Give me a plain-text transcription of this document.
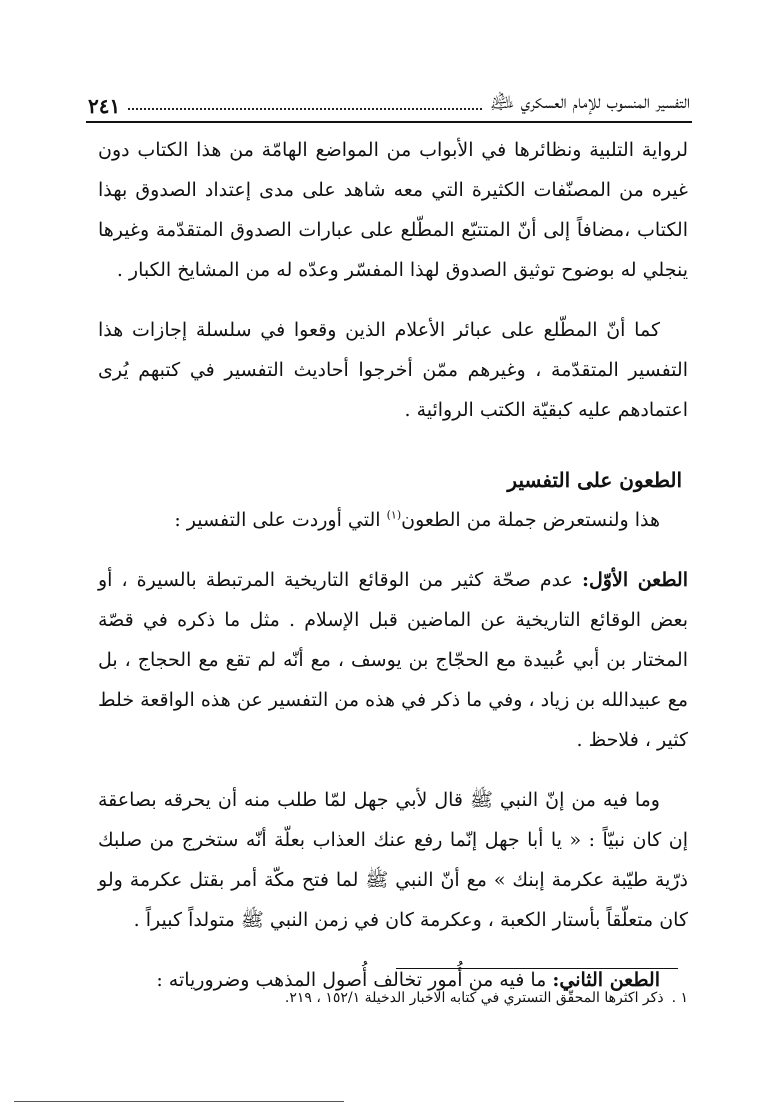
التفسير المنسوب للإمام العسكري ﵇
٢٤١

لرواية التلبية ونظائرها في الأبواب من المواضع الهامّة من هذا الكتاب دون غيره من المصنّفات الكثيرة التي معه شاهد على مدى إعتداد الصدوق بهذا الكتاب ،مضافاً إلى أنّ المتتبّع المطّلع على عبارات الصدوق المتقدّمة وغيرها ينجلي له بوضوح توثيق الصدوق لهذا المفسّر وعدّه له من المشايخ الكبار .

كما أنّ المطّلع على عبائر الأعلام الذين وقعوا في سلسلة إجازات هذا التفسير المتقدّمة ، وغيرهم ممّن أخرجوا أحاديث التفسير في كتبهم يُرى اعتمادهم عليه كبقيّة الكتب الروائية .

الطعون على التفسير

هذا ولنستعرض جملة من الطعون$^{(١)}$ التي أوردت على التفسير :

الطعن الأوّل: عدم صحّة كثير من الوقائع التاريخية المرتبطة بالسيرة ، أو بعض الوقائع التاريخية عن الماضين قبل الإسلام . مثل ما ذكره في قصّة المختار بن أبي عُبيدة مع الحجّاج بن يوسف ، مع أنّه لم تقع مع الحجاج ، بل مع عبيدالله بن زياد ، وفي ما ذكر في هذه من التفسير عن هذه الواقعة خلط كثير ، فلاحظ .

وما فيه من إنّ النبي ﷺ قال لأبي جهل لمّا طلب منه أن يحرقه بصاعقة إن كان نبيّاً : « يا أبا جهل إنّما رفع عنك العذاب بعلّة أنّه ستخرج من صلبك ذرّية طيّبة عكرمة إبنك » مع أنّ النبي ﷺ لما فتح مكّة أمر بقتل عكرمة ولو كان متعلّقاً بأستار الكعبة ، وعكرمة كان في زمن النبي ﷺ متولداً كبيراً .

الطعن الثاني: ما فيه من أُمور تخالف أُصول المذهب وضرورياته :

١ .ذكر اكثرها المحقّق التستري في كتابه الاخبار الدخيلة ١٥٢/١ ، ٢١٩.
